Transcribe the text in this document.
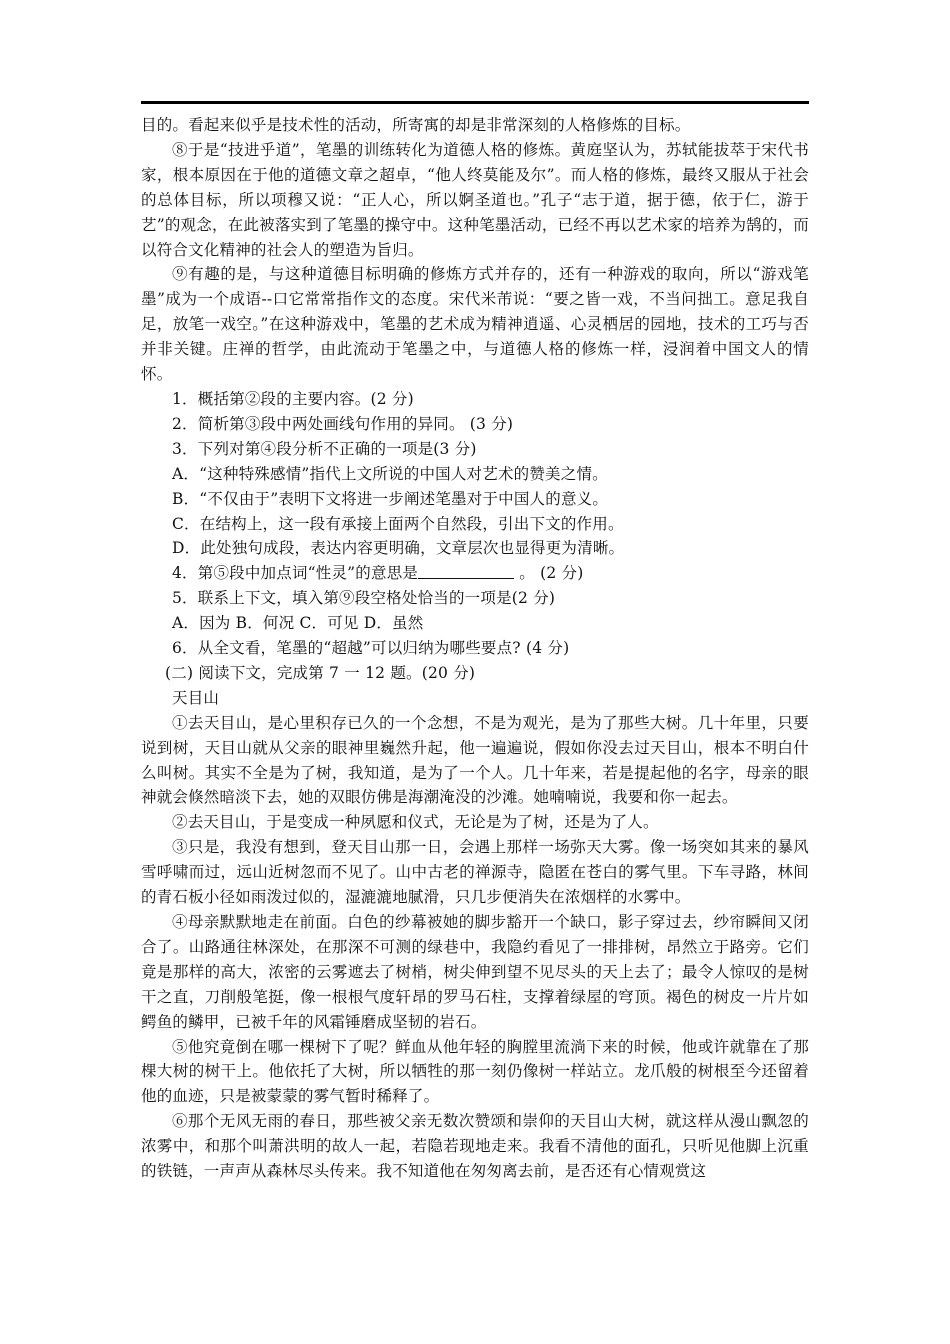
目的。看起来似乎是技术性的活动，所寄寓的却是非常深刻的人格修炼的目标。

⑧于是“技进乎道”，笔墨的训练转化为道德人格的修炼。黄庭坚认为，苏轼能拔萃于宋代书家，根本原因在于他的道德文章之超卓，“他人终莫能及尔”。而人格的修炼，最终又服从于社会的总体目标，所以项穆又说：“正人心，所以婀圣道也。”孔子“志于道，据于德，依于仁，游于艺”的观念，在此被落实到了笔墨的操守中。这种笔墨活动，已经不再以艺术家的培养为鹄的，而以符合文化精神的社会人的塑造为旨归。

⑨有趣的是，与这种道德目标明确的修炼方式并存的，还有一种游戏的取向，所以“游戏笔墨”成为一个成语--口它常常指作文的态度。宋代米芾说：“要之皆一戏，不当问拙工。意足我自足，放笔一戏空。”在这种游戏中，笔墨的艺术成为精神逍遥、心灵栖居的园地，技术的工巧与否并非关键。庄禅的哲学，由此流动于笔墨之中，与道德人格的修炼一样，浸润着中国文人的情怀。

1．概括第②段的主要内容。(2 分)

2．简析第③段中两处画线句作用的异同。 (3 分)

3．下列对第④段分析不正确的一项是(3 分)

A．“这种特殊感情”指代上文所说的中国人对艺术的赞美之情。

B．“不仅由于”表明下文将进一步阐述笔墨对于中国人的意义。

C．在结构上，这一段有承接上面两个自然段，引出下文的作用。

D．此处独句成段，表达内容更明确，文章层次也显得更为清晰。

4．第⑤段中加点词“性灵”的意思是	。 (2 分)

5．联系上下文，填入第⑨段空格处恰当的一项是(2 分)

A．因为 B．何况 C．可见 D．虽然

6．从全文看，笔墨的“超越”可以归纳为哪些要点? (4 分)

(二) 阅读下文，完成第 7 一 12 题。(20 分)

天目山

①去天目山，是心里积存已久的一个念想，不是为观光，是为了那些大树。几十年里，只要说到树，天目山就从父亲的眼神里巍然升起，他一遍遍说，假如你没去过天目山，根本不明白什么叫树。其实不全是为了树，我知道，是为了一个人。几十年来，若是提起他的名字，母亲的眼神就会倏然暗淡下去，她的双眼仿佛是海潮淹没的沙滩。她喃喃说，我要和你一起去。

②去天目山，于是变成一种夙愿和仪式，无论是为了树，还是为了人。

③只是，我没有想到，登天目山那一日，会遇上那样一场弥天大雾。像一场突如其来的暴风雪呼啸而过，远山近树忽而不见了。山中古老的禅源寺，隐匿在苍白的雾气里。下车寻路，林间的青石板小径如雨泼过似的，湿漉漉地腻滑，只几步便消失在浓烟样的水雾中。

④母亲默默地走在前面。白色的纱幕被她的脚步豁开一个缺口，影子穿过去，纱帘瞬间又闭合了。山路通往林深处，在那深不可测的绿巷中，我隐约看见了一排排树，昂然立于路旁。它们竟是那样的高大，浓密的云雾遮去了树梢，树尖伸到望不见尽头的天上去了；最令人惊叹的是树干之直，刀削般笔挺，像一根根气度轩昂的罗马石柱，支撑着绿屋的穹顶。褐色的树皮一片片如鳄鱼的鳞甲，已被千年的风霜锤磨成坚韧的岩石。

⑤他究竟倒在哪一棵树下了呢？鲜血从他年轻的胸膛里流淌下来的时候，他或许就靠在了那棵大树的树干上。他依托了大树，所以牺牲的那一刻仍像树一样站立。龙爪般的树根至今还留着他的血迹，只是被蒙蒙的雾气暂时稀释了。

⑥那个无风无雨的春日，那些被父亲无数次赞颂和崇仰的天目山大树，就这样从漫山飘忽的浓雾中，和那个叫萧洪明的故人一起，若隐若现地走来。我看不清他的面孔，只听见他脚上沉重的铁链，一声声从森林尽头传来。我不知道他在匆匆离去前，是否还有心情观赏这
